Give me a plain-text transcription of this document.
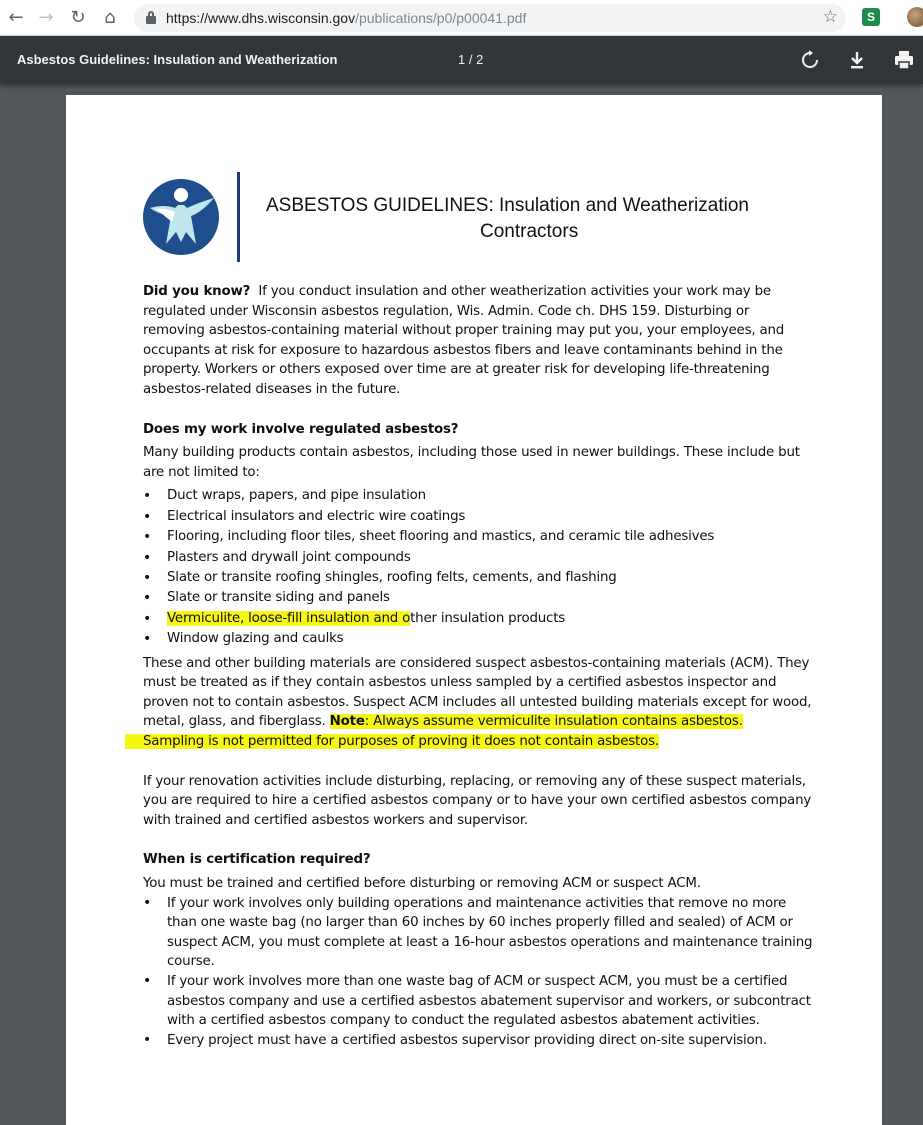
← → ↻	⌂	https://www.dhs.wisconsin.gov/publications/p0/p00041.pdf	☆	S
Asbestos Guidelines: Insulation and Weatherization	1 / 2
ASBESTOS GUIDELINES: Insulation and Weatherization
Contractors

Did you know? If you conduct insulation and other weatherization activities your work may be regulated under Wisconsin asbestos regulation, Wis. Admin. Code ch. DHS 159. Disturbing or removing asbestos-containing material without proper training may put you, your employees, and occupants at risk for exposure to hazardous asbestos fibers and leave contaminants behind in the property. Workers or others exposed over time are at greater risk for developing life-threatening asbestos-related diseases in the future.

Does my work involve regulated asbestos?

Many building products contain asbestos, including those used in newer buildings. These include but are not limited to:

• Duct wraps, papers, and pipe insulation
• Electrical insulators and electric wire coatings
• Flooring, including floor tiles, sheet flooring and mastics, and ceramic tile adhesives
• Plasters and drywall joint compounds
• Slate or transite roofing shingles, roofing felts, cements, and flashing
• Slate or transite siding and panels
• Vermiculite, loose-fill insulation and other insulation products
• Window glazing and caulks

These and other building materials are considered suspect asbestos-containing materials (ACM). They must be treated as if they contain asbestos unless sampled by a certified asbestos inspector and proven not to contain asbestos. Suspect ACM includes all untested building materials except for wood, metal, glass, and fiberglass. Note: Always assume vermiculite insulation contains asbestos.
Sampling is not permitted for purposes of proving it does not contain asbestos.

If your renovation activities include disturbing, replacing, or removing any of these suspect materials, you are required to hire a certified asbestos company or to have your own certified asbestos company with trained and certified asbestos workers and supervisor.

When is certification required?

You must be trained and certified before disturbing or removing ACM or suspect ACM.

• If your work involves only building operations and maintenance activities that remove no more than one waste bag (no larger than 60 inches by 60 inches properly filled and sealed) of ACM or suspect ACM, you must complete at least a 16-hour asbestos operations and maintenance training course.
• If your work involves more than one waste bag of ACM or suspect ACM, you must be a certified asbestos company and use a certified asbestos abatement supervisor and workers, or subcontract with a certified asbestos company to conduct the regulated asbestos abatement activities.
• Every project must have a certified asbestos supervisor providing direct on-site supervision.
